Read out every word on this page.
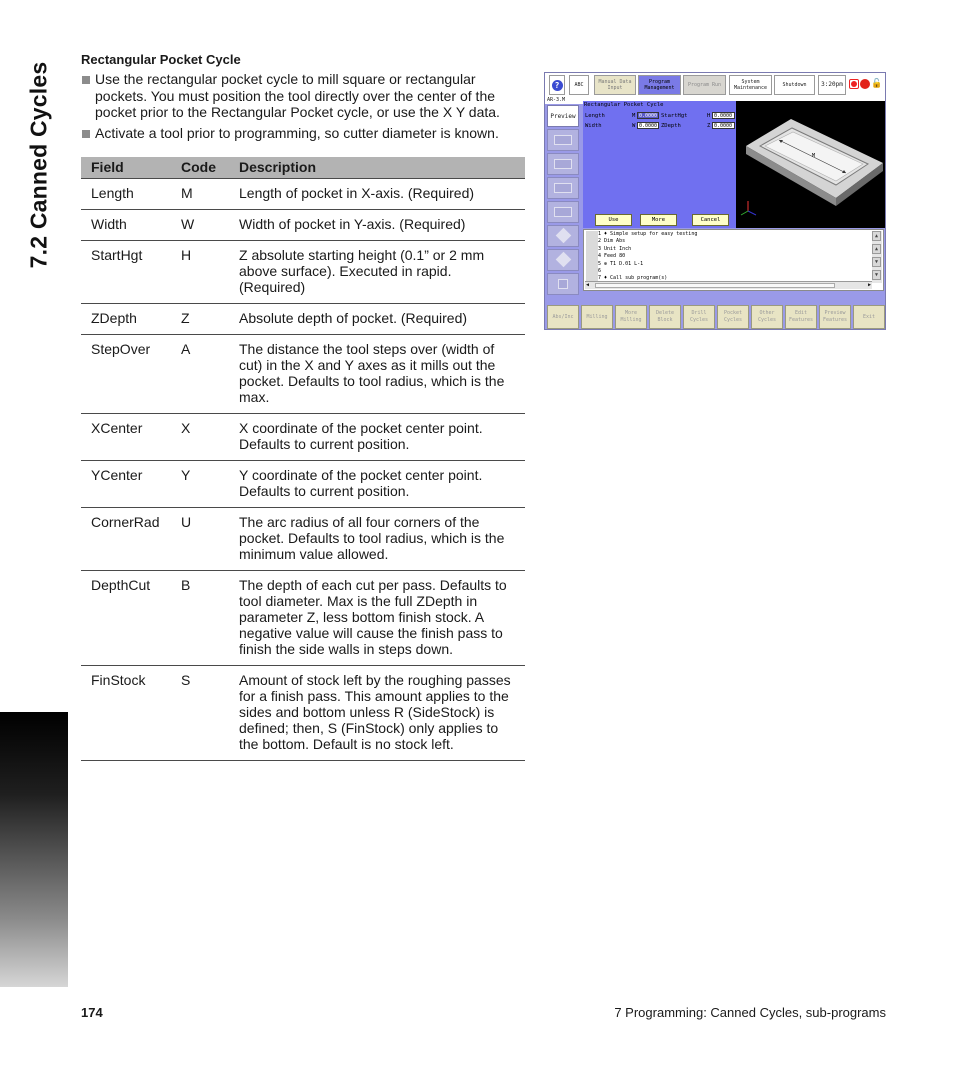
7.2 Canned Cycles
Rectangular Pocket Cycle
Use the rectangular pocket cycle to mill square or rectangular pockets. You must position the tool directly over the center of the pocket prior to the Rectangular Pocket cycle, or use the X Y data.
Activate a tool prior to programming, so cutter diameter is known.
Field	Code	Description
Length	M	Length of pocket in X-axis. (Required)
Width	W	Width of pocket in Y-axis. (Required)
StartHgt	H	Z absolute starting height (0.1” or 2 mm above surface). Executed in rapid. (Required)
ZDepth	Z	Absolute depth of pocket. (Required)
StepOver	A	The distance the tool steps over (width of cut) in the X and Y axes as it mills out the pocket. Defaults to tool radius, which is the max.
XCenter	X	X coordinate of the pocket center point. Defaults to current position.
YCenter	Y	Y coordinate of the pocket center point. Defaults to current position.
CornerRad	U	The arc radius of all four corners of the pocket. Defaults to tool radius, which is the minimum value allowed.
DepthCut	B	The depth of each cut per pass. Defaults to tool diameter. Max is the full ZDepth in parameter Z, less bottom finish stock. A negative value will cause the finish pass to finish the side walls in steps down.
FinStock	S	Amount of stock left by the roughing passes for a finish pass. This amount applies to the sides and bottom unless R (SideStock) is defined; then, S (FinStock) only applies to the bottom. Default is no stock left.
?	ABC	Manual Data
Input
Program
Management	Program Run	System
Maintenance	Shutdown	3:20pm	🔓
AR-3.M
Preview
Rectangular Pocket Cycle
Length	M 0.0000 StartHgt	H 0.0000
Width	W 0.0000 ZDepth	Z 0.0000
M
Use	More	Cancel
1 ♦ Simple setup for easy testing
2 Dim Abs
3 Unit Inch
4 Feed 80
5 ⊕ T1 D.01 L-1
6
7 ♦ Call sub program(s)
▲
▲
▼
▼
◀	▶
Abs/Inc	Milling
More
Milling
Delete
Block
Drill
Cycles
Pocket
Cycles
Other
Cycles
Edit
Features
Preview
Features
Exit
174	7 Programming: Canned Cycles, sub-programs
